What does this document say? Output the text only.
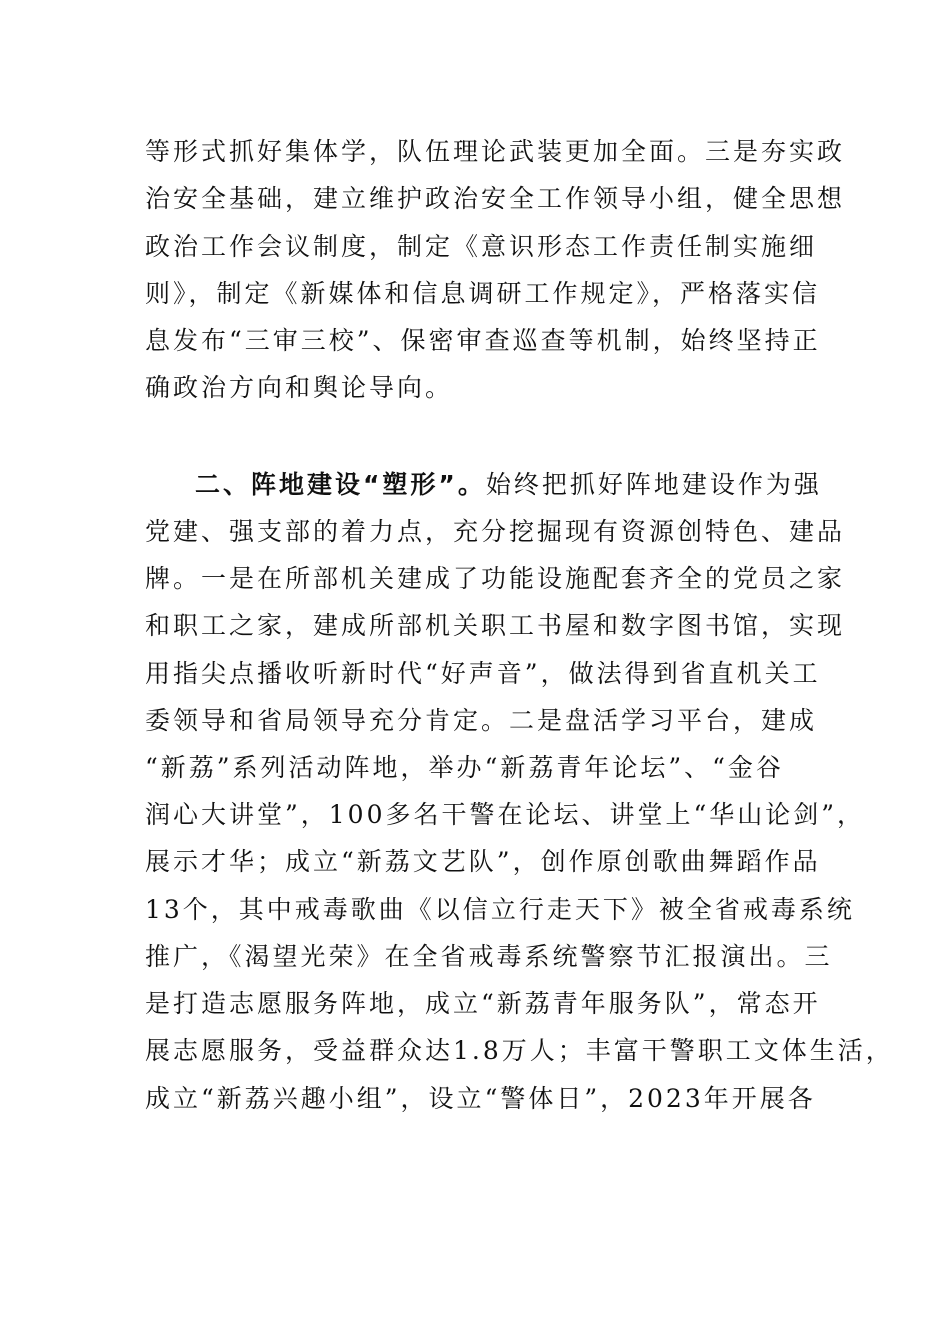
等形式抓好集体学，队伍理论武装更加全面。三是夯实政
治安全基础，建立维护政治安全工作领导小组，健全思想
政治工作会议制度，制定《意识形态工作责任制实施细
则》，制定《新媒体和信息调研工作规定》，严格落实信
息发布“三审三校”、保密审查巡查等机制，始终坚持正
确政治方向和舆论导向。
二、阵地建设“塑形”。始终把抓好阵地建设作为强
党建、强支部的着力点，充分挖掘现有资源创特色、建品
牌。一是在所部机关建成了功能设施配套齐全的党员之家
和职工之家，建成所部机关职工书屋和数字图书馆，实现
用指尖点播收听新时代“好声音”，做法得到省直机关工
委领导和省局领导充分肯定。二是盘活学习平台，建成
“新荔”系列活动阵地，举办“新荔青年论坛”、“金谷
润心大讲堂”，100多名干警在论坛、讲堂上“华山论剑”，
展示才华；成立“新荔文艺队”，创作原创歌曲舞蹈作品
13个，其中戒毒歌曲《以信立行走天下》被全省戒毒系统
推广，《渴望光荣》在全省戒毒系统警察节汇报演出。三
是打造志愿服务阵地，成立“新荔青年服务队”，常态开
展志愿服务，受益群众达1.8万人；丰富干警职工文体生活，
成立“新荔兴趣小组”，设立“警体日”，2023年开展各
